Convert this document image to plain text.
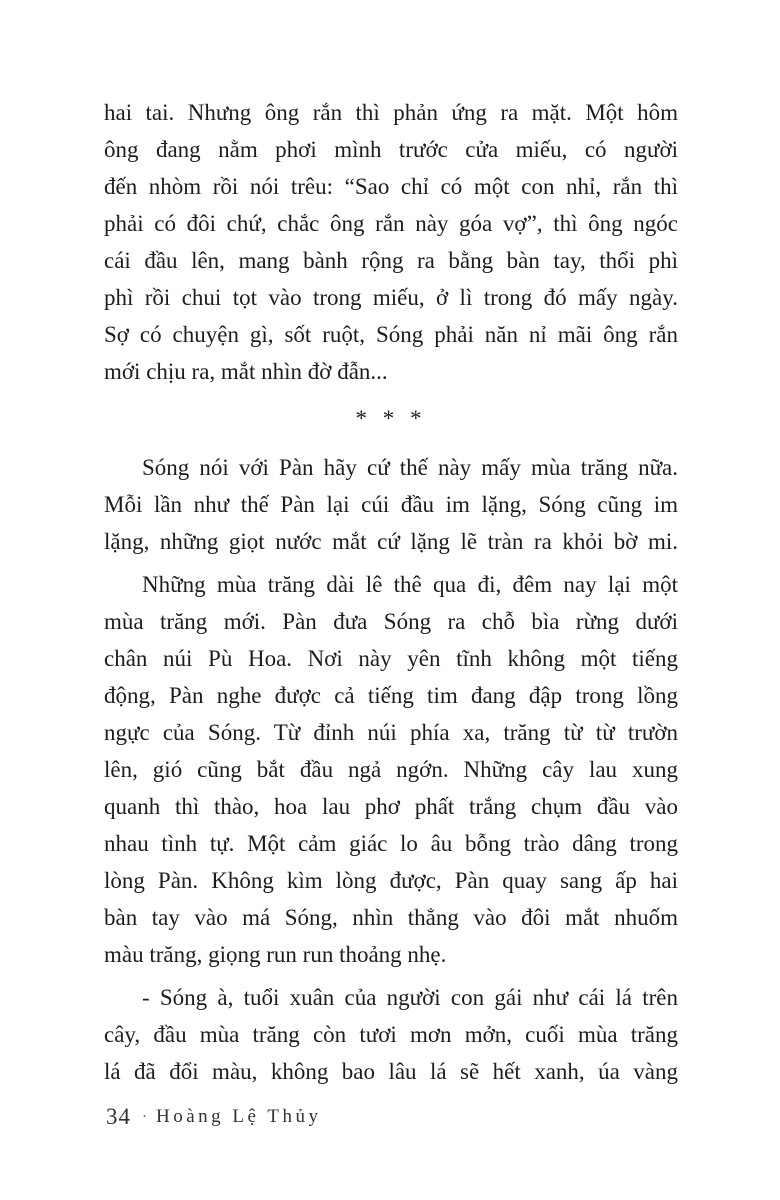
hai tai. Nhưng ông rắn thì phản ứng ra mặt. Một hôm
ông đang nằm phơi mình trước cửa miếu, có người
đến nhòm rồi nói trêu: “Sao chỉ có một con nhỉ, rắn thì
phải có đôi chứ, chắc ông rắn này góa vợ”, thì ông ngóc
cái đầu lên, mang bành rộng ra bằng bàn tay, thổi phì
phì rồi chui tọt vào trong miếu, ở lì trong đó mấy ngày.
Sợ có chuyện gì, sốt ruột, Sóng phải năn nỉ mãi ông rắn
mới chịu ra, mắt nhìn đờ đẫn...
* * *
Sóng nói với Pàn hãy cứ thế này mấy mùa trăng nữa.
Mỗi lần như thế Pàn lại cúi đầu im lặng, Sóng cũng im
lặng, những giọt nước mắt cứ lặng lẽ tràn ra khỏi bờ mi.
Những mùa trăng dài lê thê qua đi, đêm nay lại một
mùa trăng mới. Pàn đưa Sóng ra chỗ bìa rừng dưới
chân núi Pù Hoa. Nơi này yên tĩnh không một tiếng
động, Pàn nghe được cả tiếng tim đang đập trong lồng
ngực của Sóng. Từ đỉnh núi phía xa, trăng từ từ trườn
lên, gió cũng bắt đầu ngả ngớn. Những cây lau xung
quanh thì thào, hoa lau phơ phất trắng chụm đầu vào
nhau tình tự. Một cảm giác lo âu bỗng trào dâng trong
lòng Pàn. Không kìm lòng được, Pàn quay sang ấp hai
bàn tay vào má Sóng, nhìn thẳng vào đôi mắt nhuốm
màu trăng, giọng run run thoảng nhẹ.
- Sóng à, tuổi xuân của người con gái như cái lá trên
cây, đầu mùa trăng còn tươi mơn mởn, cuối mùa trăng
lá đã đổi màu, không bao lâu lá sẽ hết xanh, úa vàng
34 · Hoàng Lệ Thủy
